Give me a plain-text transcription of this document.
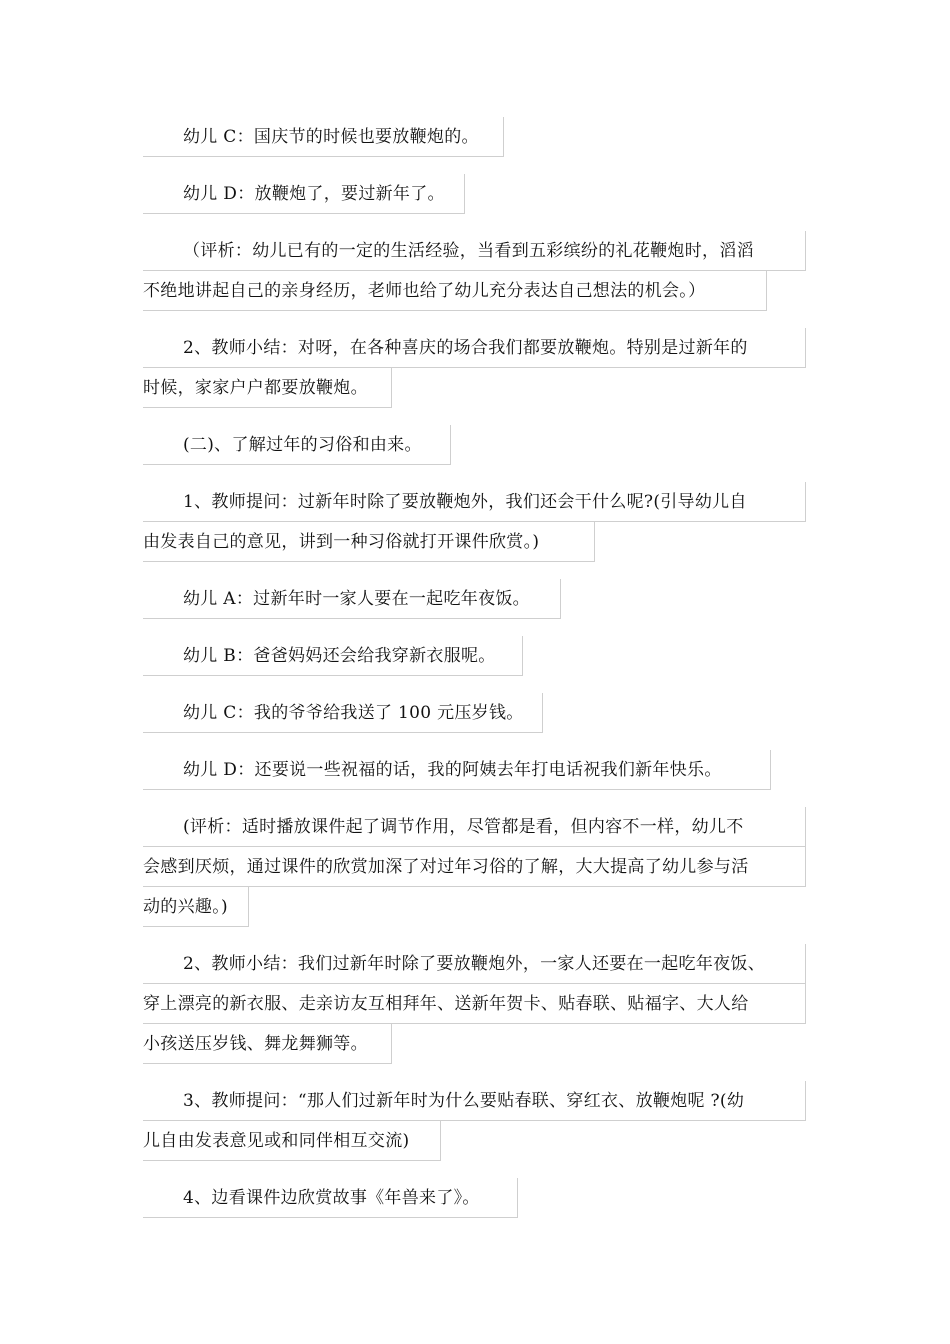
幼儿 C：国庆节的时候也要放鞭炮的。
幼儿 D：放鞭炮了，要过新年了。
（评析：幼儿已有的一定的生活经验，当看到五彩缤纷的礼花鞭炮时，滔滔
不绝地讲起自己的亲身经历，老师也给了幼儿充分表达自己想法的机会。）
2、教师小结：对呀，在各种喜庆的场合我们都要放鞭炮。特别是过新年的
时候，家家户户都要放鞭炮。
(二)、了解过年的习俗和由来。
1、教师提问：过新年时除了要放鞭炮外，我们还会干什么呢?(引导幼儿自
由发表自己的意见，讲到一种习俗就打开课件欣赏。)
幼儿 A：过新年时一家人要在一起吃年夜饭。
幼儿 B：爸爸妈妈还会给我穿新衣服呢。
幼儿 C：我的爷爷给我送了 100 元压岁钱。
幼儿 D：还要说一些祝福的话，我的阿姨去年打电话祝我们新年快乐。
(评析：适时播放课件起了调节作用，尽管都是看，但内容不一样，幼儿不
会感到厌烦，通过课件的欣赏加深了对过年习俗的了解，大大提高了幼儿参与活
动的兴趣。)
2、教师小结：我们过新年时除了要放鞭炮外，一家人还要在一起吃年夜饭、
穿上漂亮的新衣服、走亲访友互相拜年、送新年贺卡、贴春联、贴福字、大人给
小孩送压岁钱、舞龙舞狮等。
3、教师提问：“那人们过新年时为什么要贴春联、穿红衣、放鞭炮呢 ?(幼
儿自由发表意见或和同伴相互交流)
4、边看课件边欣赏故事《年兽来了》。
